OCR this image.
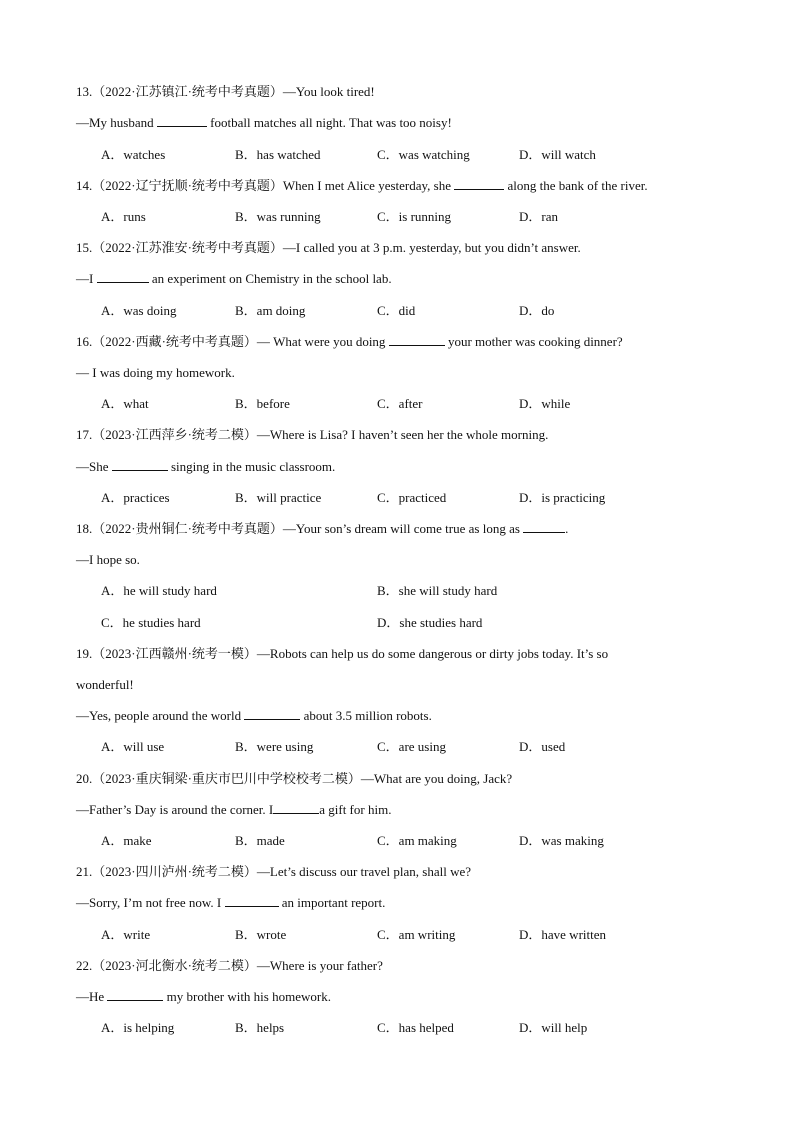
13.（2022·江苏镇江·统考中考真题）—You look tired!
—My husband	football matches all night. That was too noisy!
A．watches	B．has watched	C．was watching	D．will watch
14.（2022·辽宁抚顺·统考中考真题）When I met Alice yesterday, she	along the bank of the river.
A．runs	B．was running	C．is running	D．ran
15.（2022·江苏淮安·统考中考真题）—I called you at 3 p.m. yesterday, but you didn’t answer.
—I	an experiment on Chemistry in the school lab.
A．was doing	B．am doing	C．did	D．do
16.（2022·西藏·统考中考真题）— What were you doing	your mother was cooking dinner?
— I was doing my homework.
A．what	B．before	C．after	D．while
17.（2023·江西萍乡·统考二模）—Where is Lisa? I haven’t seen her the whole morning.
—She	singing in the music classroom.
A．practices	B．will practice	C．practiced	D．is practicing
18.（2022·贵州铜仁·统考中考真题）—Your son’s dream will come true as long as	.
—I hope so.
A．he will study hard	B．she will study hard
C．he studies hard	D．she studies hard
19.（2023·江西赣州·统考一模）—Robots can help us do some dangerous or dirty jobs today. It’s so
wonderful!
—Yes, people around the world	about 3.5 million robots.
A．will use	B．were using	C．are using	D．used
20.（2023·重庆铜梁·重庆市巴川中学校校考二模）—What are you doing, Jack?
—Father’s Day is around the corner. I	a gift for him.
A．make	B．made	C．am making	D．was making
21.（2023·四川泸州·统考二模）—Let’s discuss our travel plan, shall we?
—Sorry, I’m not free now. I	an important report.
A．write	B．wrote	C．am writing	D．have written
22.（2023·河北衡水·统考二模）—Where is your father?
—He	my brother with his homework.
A．is helping	B．helps	C．has helped	D．will help
